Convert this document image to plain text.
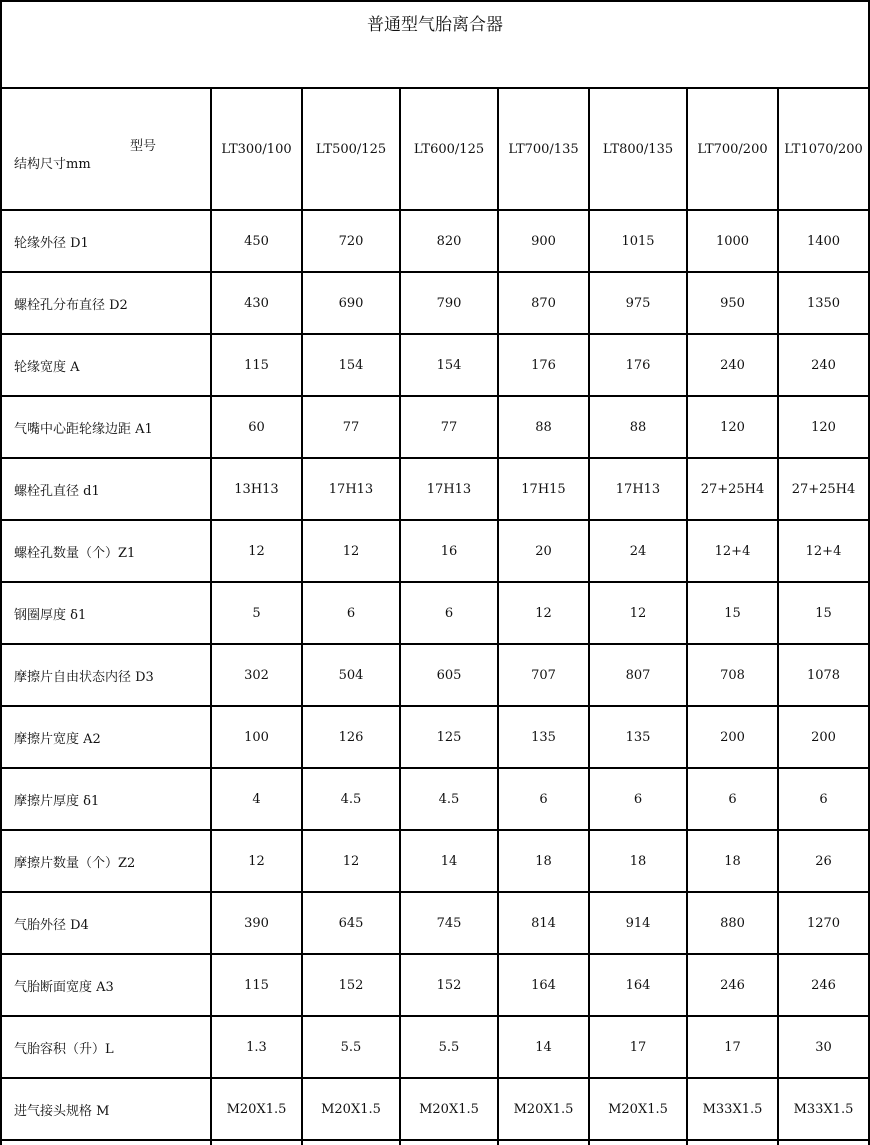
普通型气胎离合器							

型号
结构尺寸mm	LT300/100	LT500/125	LT600/125	LT700/135	LT800/135	LT700/200	LT1070/200
轮缘外径 D1	450	720	820	900	1015	1000	1400
螺栓孔分布直径 D2	430	690	790	870	975	950	1350
轮缘宽度 A	115	154	154	176	176	240	240
气嘴中心距轮缘边距 A1	60	77	77	88	88	120	120
螺栓孔直径 d1	13H13	17H13	17H13	17H15	17H13	27+25H4	27+25H4
螺栓孔数量（个）Z1	12	12	16	20	24	12+4	12+4
钢圈厚度 δ1	5	6	6	12	12	15	15
摩擦片自由状态内径 D3	302	504	605	707	807	708	1078
摩擦片宽度 A2	100	126	125	135	135	200	200
摩擦片厚度 δ1	4	4.5	4.5	6	6	6	6
摩擦片数量（个）Z2	12	12	14	18	18	18	26
气胎外径 D4	390	645	745	814	914	880	1270
气胎断面宽度 A3	115	152	152	164	164	246	246
气胎容积（升）L	1.3	5.5	5.5	14	17	17	30
进气接头规格 M	M20X1.5	M20X1.5	M20X1.5	M20X1.5	M20X1.5	M33X1.5	M33X1.5
